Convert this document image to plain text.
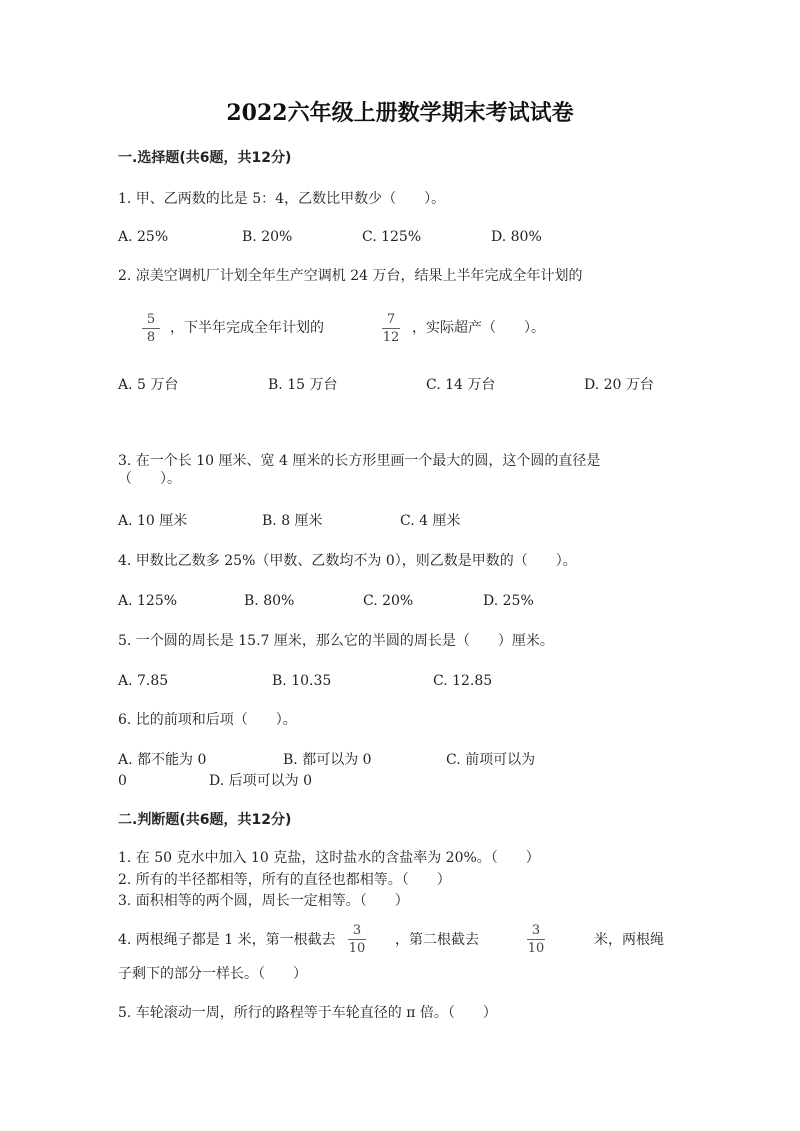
2022六年级上册数学期末考试试卷
一.选择题(共6题，共12分)
1. 甲、乙两数的比是 5：4，乙数比甲数少（　　）。
A. 25%	B. 20%	C. 125%	D. 80%
2. 凉美空调机厂计划全年生产空调机 24 万台，结果上半年完成全年计划的
5
8
，下半年完成全年计划的
7
12
，实际超产（　　）。
A. 5 万台	B. 15 万台	C. 14 万台	D. 20 万台
3. 在一个长 10 厘米、宽 4 厘米的长方形里画一个最大的圆，这个圆的直径是
（　　）。
A. 10 厘米	B. 8 厘米	C. 4 厘米
4. 甲数比乙数多 25%（甲数、乙数均不为 0），则乙数是甲数的（　　）。
A. 125%	B. 80%	C. 20%	D. 25%
5. 一个圆的周长是 15.7 厘米，那么它的半圆的周长是（　　）厘米。
A. 7.85	B. 10.35	C. 12.85
6. 比的前项和后项（　　）。
A. 都不能为 0	B. 都可以为 0	C. 前项可以为
0	D. 后项可以为 0
二.判断题(共6题，共12分)
1. 在 50 克水中加入 10 克盐，这时盐水的含盐率为 20%。（　　）
2. 所有的半径都相等，所有的直径也都相等。（　　）
3. 面积相等的两个圆，周长一定相等。（　　）
4. 两根绳子都是 1 米，第一根截去
3
10
，第二根截去
3
10
米，两根绳
子剩下的部分一样长。（　　）
5. 车轮滚动一周，所行的路程等于车轮直径的 π 倍。（　　）
